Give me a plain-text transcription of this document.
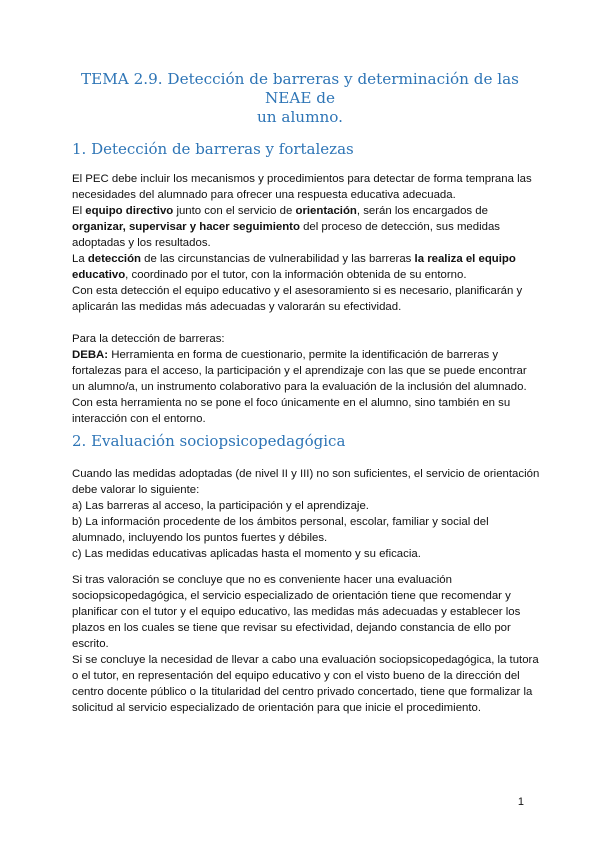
TEMA 2.9. Detección de barreras y determinación de las NEAE de
un alumno.
1. Detección de barreras y fortalezas
El PEC debe incluir los mecanismos y procedimientos para detectar de forma temprana las
necesidades del alumnado para ofrecer una respuesta educativa adecuada.
El equipo directivo junto con el servicio de orientación, serán los encargados de
organizar, supervisar y hacer seguimiento del proceso de detección, sus medidas
adoptadas y los resultados.
La detección de las circunstancias de vulnerabilidad y las barreras la realiza el equipo
educativo, coordinado por el tutor, con la información obtenida de su entorno.
Con esta detección el equipo educativo y el asesoramiento si es necesario, planificarán y
aplicarán las medidas más adecuadas y valorarán su efectividad.
Para la detección de barreras:
DEBA: Herramienta en forma de cuestionario, permite la identificación de barreras y
fortalezas para el acceso, la participación y el aprendizaje con las que se puede encontrar
un alumno/a, un instrumento colaborativo para la evaluación de la inclusión del alumnado.
Con esta herramienta no se pone el foco únicamente en el alumno, sino también en su
interacción con el entorno.
2. Evaluación sociopsicopedagógica
Cuando las medidas adoptadas (de nivel II y III) no son suficientes, el servicio de orientación
debe valorar lo siguiente:
a) Las barreras al acceso, la participación y el aprendizaje.
b) La información procedente de los ámbitos personal, escolar, familiar y social del
alumnado, incluyendo los puntos fuertes y débiles.
c) Las medidas educativas aplicadas hasta el momento y su eficacia.
Si tras valoración se concluye que no es conveniente hacer una evaluación
sociopsicopedagógica, el servicio especializado de orientación tiene que recomendar y
planificar con el tutor y el equipo educativo, las medidas más adecuadas y establecer los
plazos en los cuales se tiene que revisar su efectividad, dejando constancia de ello por
escrito.
Si se concluye la necesidad de llevar a cabo una evaluación sociopsicopedagógica, la tutora
o el tutor, en representación del equipo educativo y con el visto bueno de la dirección del
centro docente público o la titularidad del centro privado concertado, tiene que formalizar la
solicitud al servicio especializado de orientación para que inicie el procedimiento.
1
